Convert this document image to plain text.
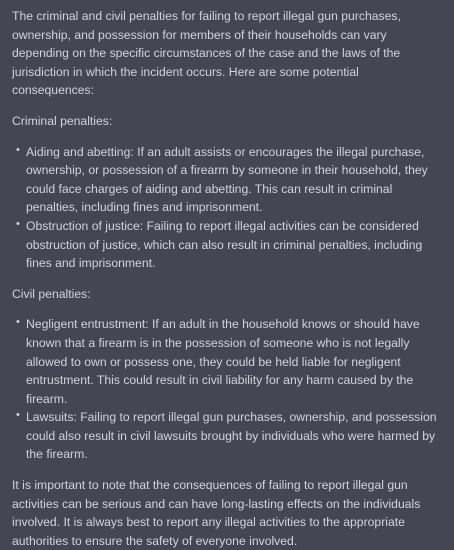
The criminal and civil penalties for failing to report illegal gun purchases, ownership, and possession for members of their households can vary depending on the specific circumstances of the case and the laws of the jurisdiction in which the incident occurs. Here are some potential consequences:

Criminal penalties:

• Aiding and abetting: If an adult assists or encourages the illegal purchase, ownership, or possession of a firearm by someone in their household, they could face charges of aiding and abetting. This can result in criminal penalties, including fines and imprisonment.
• Obstruction of justice: Failing to report illegal activities can be considered obstruction of justice, which can also result in criminal penalties, including fines and imprisonment.

Civil penalties:

• Negligent entrustment: If an adult in the household knows or should have known that a firearm is in the possession of someone who is not legally allowed to own or possess one, they could be held liable for negligent entrustment. This could result in civil liability for any harm caused by the firearm.
• Lawsuits: Failing to report illegal gun purchases, ownership, and possession could also result in civil lawsuits brought by individuals who were harmed by the firearm.

It is important to note that the consequences of failing to report illegal gun activities can be serious and can have long-lasting effects on the individuals involved. It is always best to report any illegal activities to the appropriate authorities to ensure the safety of everyone involved.
